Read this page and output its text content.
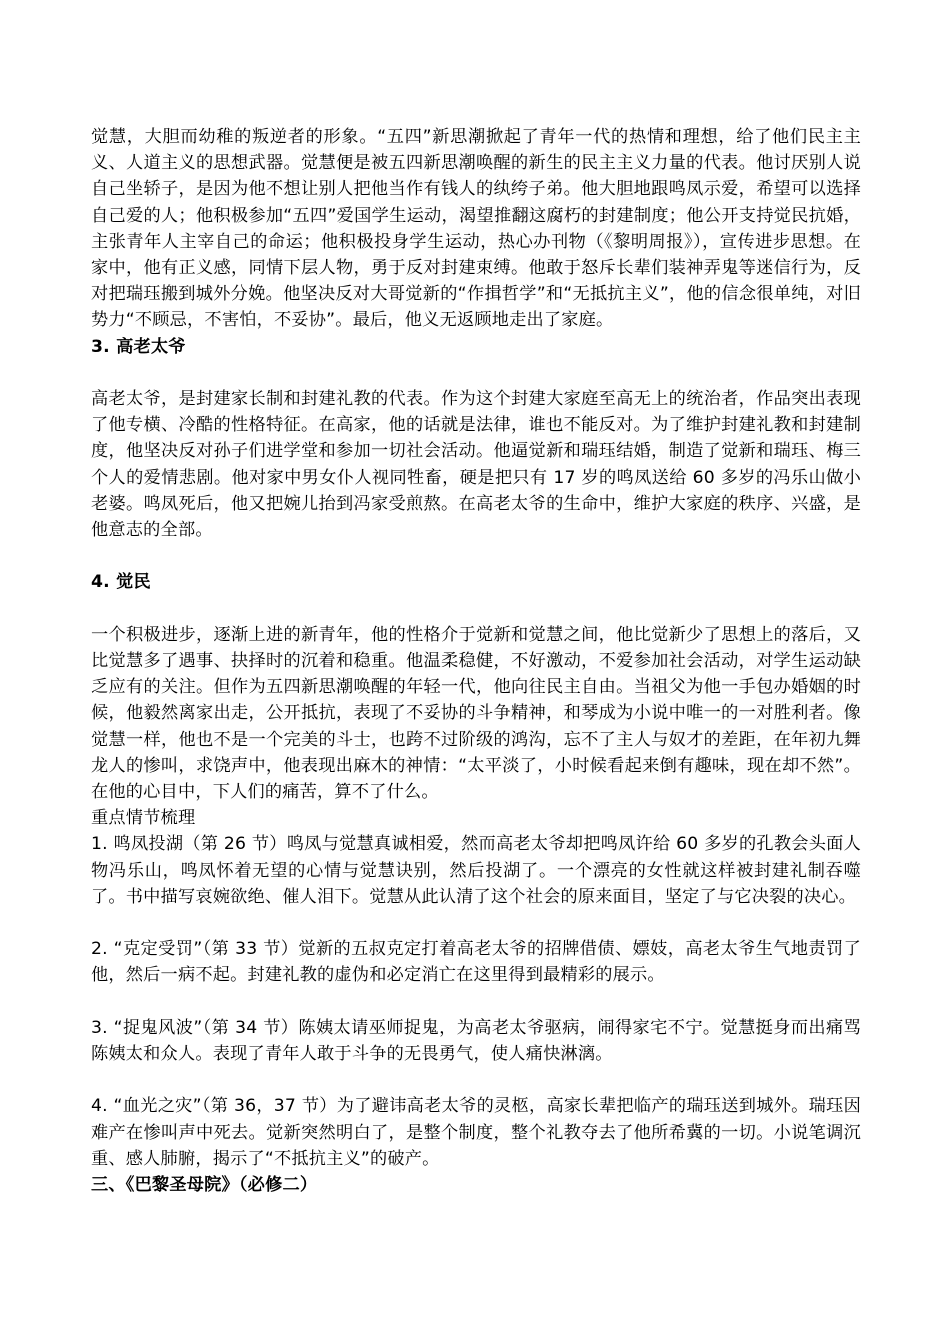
觉慧，大胆而幼稚的叛逆者的形象。“五四”新思潮掀起了青年一代的热情和理想，给了他们民主主义、人道主义的思想武器。觉慧便是被五四新思潮唤醒的新生的民主主义力量的代表。他讨厌别人说自己坐轿子，是因为他不想让别人把他当作有钱人的纨绔子弟。他大胆地跟鸣凤示爱，希望可以选择自己爱的人；他积极参加“五四”爱国学生运动，渴望推翻这腐朽的封建制度；他公开支持觉民抗婚，主张青年人主宰自己的命运；他积极投身学生运动，热心办刊物（《黎明周报》），宣传进步思想。在家中，他有正义感，同情下层人物，勇于反对封建束缚。他敢于怒斥长辈们装神弄鬼等迷信行为，反对把瑞珏搬到城外分娩。他坚决反对大哥觉新的“作揖哲学”和“无抵抗主义”，他的信念很单纯，对旧势力“不顾忌，不害怕，不妥协”。最后，他义无返顾地走出了家庭。

3. 高老太爷

高老太爷，是封建家长制和封建礼教的代表。作为这个封建大家庭至高无上的统治者，作品突出表现了他专横、冷酷的性格特征。在高家，他的话就是法律，谁也不能反对。为了维护封建礼教和封建制度，他坚决反对孙子们进学堂和参加一切社会活动。他逼觉新和瑞珏结婚，制造了觉新和瑞珏、梅三个人的爱情悲剧。他对家中男女仆人视同牲畜，硬是把只有 17 岁的鸣凤送给 60 多岁的冯乐山做小老婆。鸣凤死后，他又把婉儿抬到冯家受煎熬。在高老太爷的生命中，维护大家庭的秩序、兴盛，是他意志的全部。

4. 觉民

一个积极进步，逐渐上进的新青年，他的性格介于觉新和觉慧之间，他比觉新少了思想上的落后，又比觉慧多了遇事、抉择时的沉着和稳重。他温柔稳健，不好激动，不爱参加社会活动，对学生运动缺乏应有的关注。但作为五四新思潮唤醒的年轻一代，他向往民主自由。当祖父为他一手包办婚姻的时候，他毅然离家出走，公开抵抗，表现了不妥协的斗争精神，和琴成为小说中唯一的一对胜利者。像觉慧一样，他也不是一个完美的斗士，也跨不过阶级的鸿沟，忘不了主人与奴才的差距，在年初九舞龙人的惨叫，求饶声中，他表现出麻木的神情：“太平淡了，小时候看起来倒有趣味，现在却不然”。在他的心目中，下人们的痛苦，算不了什么。

重点情节梳理

1. 鸣凤投湖（第 26 节）鸣凤与觉慧真诚相爱，然而高老太爷却把鸣凤许给 60 多岁的孔教会头面人物冯乐山，鸣凤怀着无望的心情与觉慧诀别，然后投湖了。一个漂亮的女性就这样被封建礼制吞噬了。书中描写哀婉欲绝、催人泪下。觉慧从此认清了这个社会的原来面目，坚定了与它决裂的决心。

2. “克定受罚”（第 33 节）觉新的五叔克定打着高老太爷的招牌借债、嫖妓，高老太爷生气地责罚了他，然后一病不起。封建礼教的虚伪和必定消亡在这里得到最精彩的展示。

3. “捉鬼风波”（第 34 节）陈姨太请巫师捉鬼，为高老太爷驱病，闹得家宅不宁。觉慧挺身而出痛骂陈姨太和众人。表现了青年人敢于斗争的无畏勇气，使人痛快淋漓。

4. “血光之灾”（第 36，37 节）为了避讳高老太爷的灵柩，高家长辈把临产的瑞珏送到城外。瑞珏因难产在惨叫声中死去。觉新突然明白了，是整个制度，整个礼教夺去了他所希冀的一切。小说笔调沉重、感人肺腑，揭示了“不抵抗主义”的破产。

三、《巴黎圣母院》（必修二）
